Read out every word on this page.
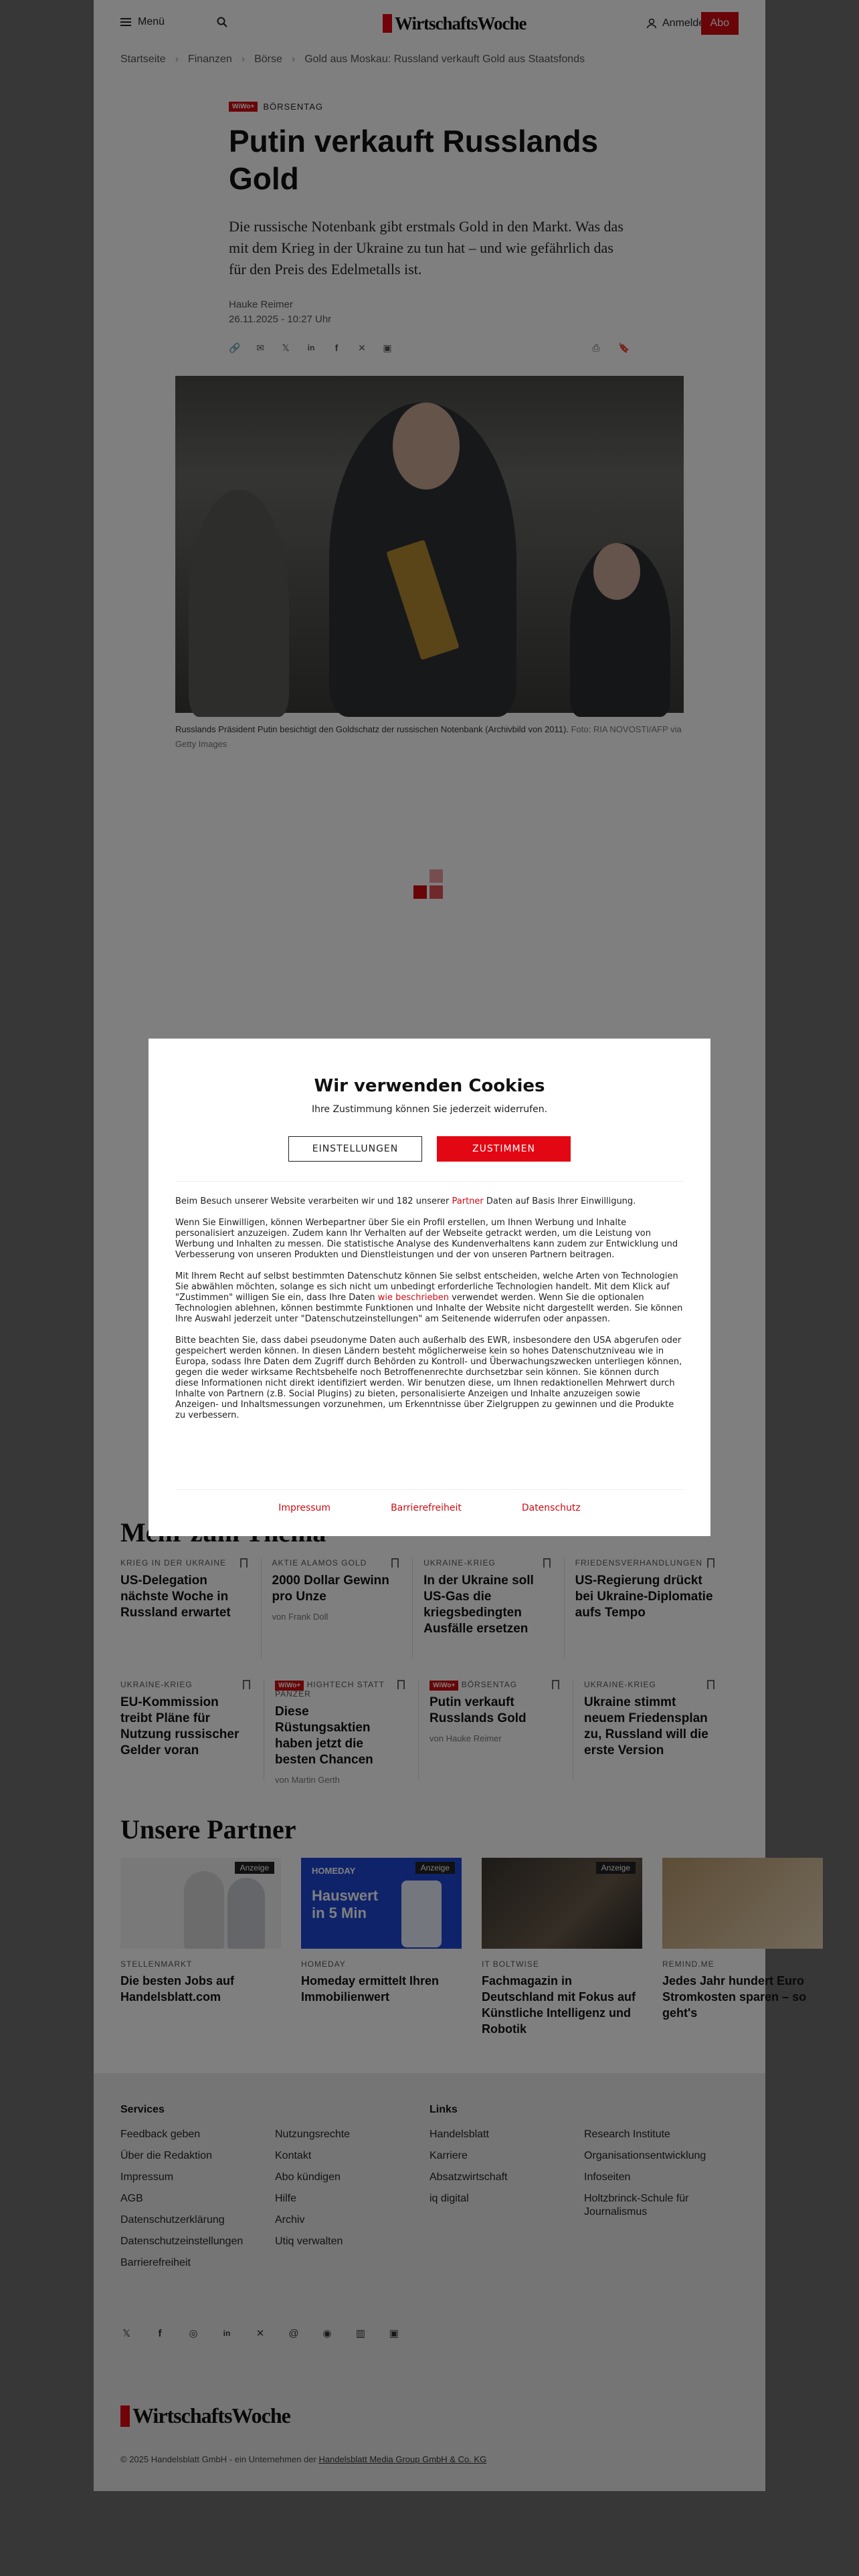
Wir verwenden Cookies
Ihre Zustimmung können Sie jederzeit widerrufen.
EINSTELLUNGEN	ZUSTIMMEN

Beim Besuch unserer Website verarbeiten wir und 182 unserer Partner Daten auf Basis Ihrer Einwilligung.

Wenn Sie Einwilligen, können Werbepartner über Sie ein Profil erstellen, um Ihnen Werbung und Inhalte personalisiert anzuzeigen. Zudem kann Ihr Verhalten auf der Webseite getrackt werden, um die Leistung von Werbung und Inhalten zu messen. Die statistische Analyse des Kundenverhaltens kann zudem zur Entwicklung und Verbesserung von unseren Produkten und Dienstleistungen und der von unseren Partnern beitragen.

Mit Ihrem Recht auf selbst bestimmten Datenschutz können Sie selbst entscheiden, welche Arten von Technologien Sie abwählen möchten, solange es sich nicht um unbedingt erforderliche Technologien handelt. Mit dem Klick auf "Zustimmen" willigen Sie ein, dass Ihre Daten wie beschrieben verwendet werden. Wenn Sie die optionalen Technologien ablehnen, können bestimmte Funktionen und Inhalte der Website nicht dargestellt werden. Sie können Ihre Auswahl jederzeit unter "Datenschutzeinstellungen" am Seitenende widerrufen oder anpassen.

Bitte beachten Sie, dass dabei pseudonyme Daten auch außerhalb des EWR, insbesondere den USA abgerufen oder gespeichert werden können. In diesen Ländern besteht möglicherweise kein so hohes Datenschutzniveau wie in Europa, sodass Ihre Daten dem Zugriff durch Behörden zu Kontroll- und Überwachungszwecken unterliegen können, gegen die weder wirksame Rechtsbehelfe noch Betroffenenrechte durchsetzbar sein können. Sie können durch diese Informationen nicht direkt identifiziert werden. Wir benutzen diese, um Ihnen redaktionellen Mehrwert durch Inhalte von Partnern (z.B. Social Plugins) zu bieten, personalisierte Anzeigen und Inhalte anzuzeigen sowie Anzeigen- und Inhaltsmessungen vorzunehmen, um Erkenntnisse über Zielgruppen zu gewinnen und die Produkte zu verbessern.

Impressum	Barrierefreiheit	Datenschutz
